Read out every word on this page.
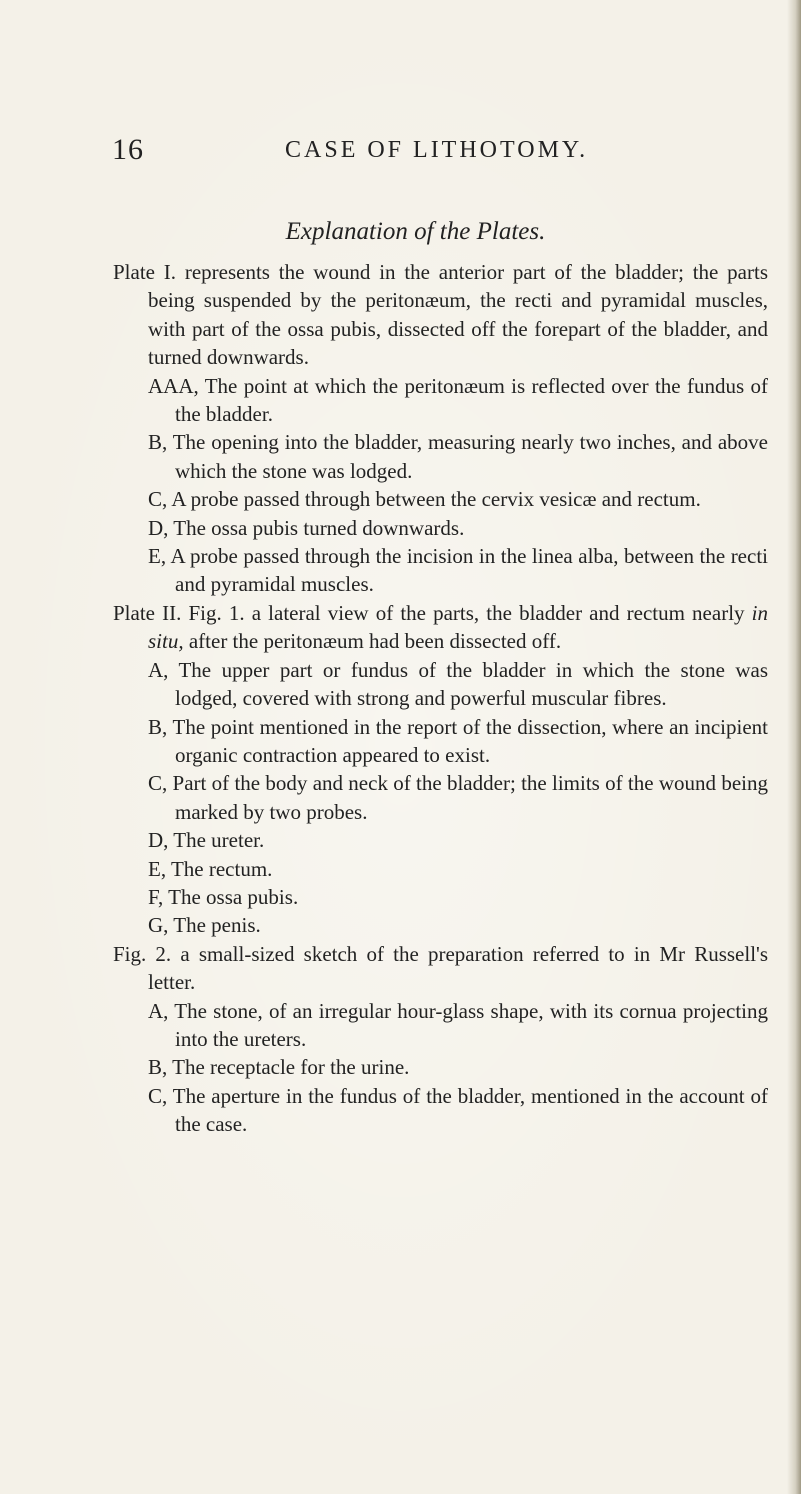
16	CASE OF LITHOTOMY.
Explanation of the Plates.

Plate I. represents the wound in the anterior part of the bladder; the parts being suspended by the peritonæum, the recti and pyramidal muscles, with part of the ossa pubis, dissected off the forepart of the bladder, and turned downwards.

AAA, The point at which the peritonæum is reflected over the fundus of the bladder.

B, The opening into the bladder, measuring nearly two inches, and above which the stone was lodged.

C, A probe passed through between the cervix vesicæ and rectum.

D, The ossa pubis turned downwards.

E, A probe passed through the incision in the linea alba, between the recti and pyramidal muscles.

Plate II. Fig. 1. a lateral view of the parts, the bladder and rectum nearly in situ, after the peritonæum had been dissected off.

A, The upper part or fundus of the bladder in which the stone was lodged, covered with strong and powerful muscular fibres.

B, The point mentioned in the report of the dissection, where an incipient organic contraction appeared to exist.

C, Part of the body and neck of the bladder; the limits of the wound being marked by two probes.

D, The ureter.

E, The rectum.

F, The ossa pubis.

G, The penis.

Fig. 2. a small-sized sketch of the preparation referred to in Mr Russell's letter.

A, The stone, of an irregular hour-glass shape, with its cornua projecting into the ureters.

B, The receptacle for the urine.

C, The aperture in the fundus of the bladder, mentioned in the account of the case.
